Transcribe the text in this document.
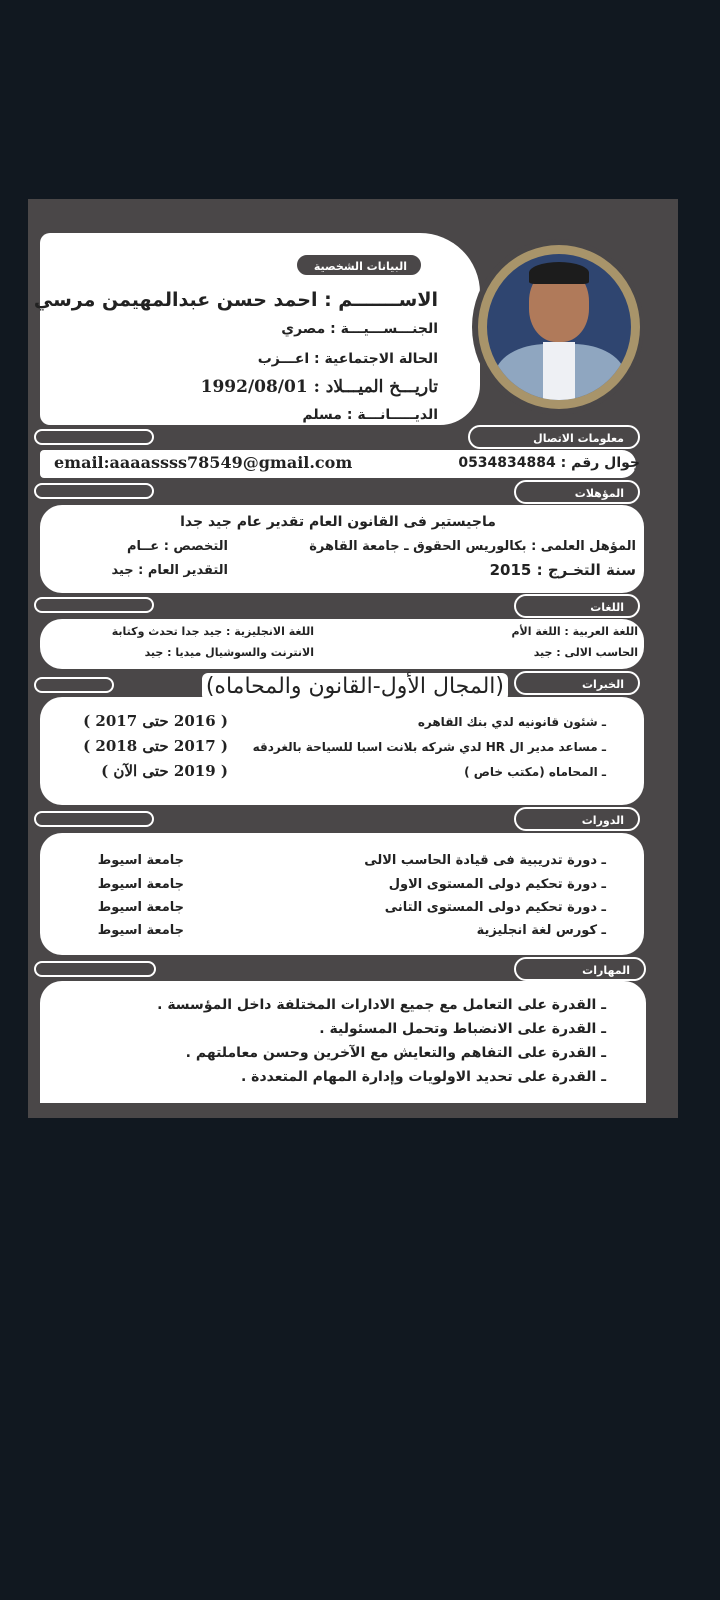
البيانات الشخصية
الاســـــــم : احمد حسن عبدالمهيمن مرسي
الجنـــســـيـــة : مصري
الحالة الاجتماعية : اعـــزب
تاريـــخ الميـــلاد : 1992/08/01
الديـــــانـــة : مسلم
معلومات الاتصال
email:aaaassss78549@gmail.com	جوال رقم : 0534834884
المؤهلات
ماجيستير فى القانون العام تقدير عام جيد جدا
المؤهل العلمى : بكالوريس الحقوق ـ جامعة القاهرة
التخصص : عــام
سنة التخـرج : 2015
التقدير العام : جيد
اللغات
اللغة العربية : اللغة الأم
اللغة الانجليزية : جيد جدا تحدث وكتابة
الحاسب الالى : جيد
الانترنت والسوشيال ميديا : جيد
الخبرات
(المجال الأول-القانون والمحاماه)
ـ شئون قانونيه لدي بنك القاهره
( 2016 حتى 2017 )
ـ مساعد مدير ال HR لدي شركه بلانت اسبا للسياحة بالغردقه
( 2017 حتى 2018 )
ـ المحاماه (مكتب خاص )
( 2019 حتى الآن )
الدورات
ـ دورة تدريبية فى قيادة الحاسب الالى
جامعة اسيوط
ـ دورة تحكيم دولى المستوى الاول
جامعة اسيوط
ـ دورة تحكيم دولى المستوى التانى
جامعة اسيوط
ـ كورس لغة انجليزية
جامعة اسيوط
المهارات والقدرات
ـ القدرة على التعامل مع جميع الادارات المختلفة داخل المؤسسة .
ـ القدرة على الانضباط وتحمل المسئولية .
ـ القدرة على التفاهم والتعايش مع الآخرين وحسن معاملتهم .
ـ القدرة على تحديد الاولويات وإدارة المهام المتعددة .
